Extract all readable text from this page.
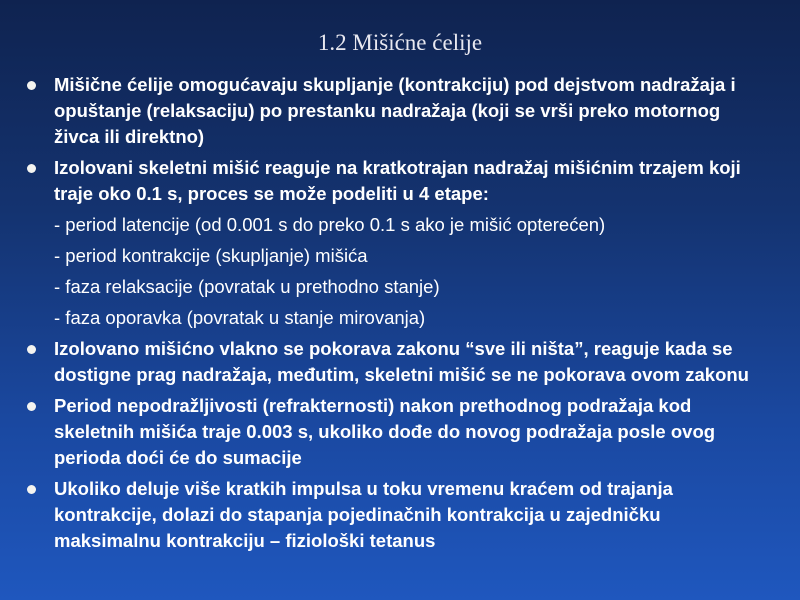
1.2 Mišićne ćelije
Mišične ćelije omogućavaju skupljanje (kontrakciju) pod dejstvom nadražaja i opuštanje (relaksaciju) po prestanku nadražaja (koji se vrši preko motornog živca ili direktno)
Izolovani skeletni mišić reaguje na kratkotrajan nadražaj mišićnim trzajem koji traje oko 0.1 s, proces se može podeliti u 4 etape:
- period latencije (od 0.001 s do preko 0.1 s ako je mišić opterećen)
- period kontrakcije (skupljanje) mišića
- faza relaksacije (povratak u prethodno stanje)
- faza oporavka (povratak u stanje mirovanja)
Izolovano mišićno vlakno se pokorava zakonu “sve ili ništa”, reaguje kada se dostigne prag nadražaja, međutim, skeletni mišić se ne pokorava ovom zakonu
Period nepodražljivosti (refrakternosti) nakon prethodnog podražaja kod skeletnih mišića traje 0.003 s, ukoliko dođe do novog podražaja posle ovog perioda doći će do sumacije
Ukoliko deluje više kratkih impulsa u toku vremenu kraćem od trajanja kontrakcije, dolazi do stapanja pojedinačnih kontrakcija u zajedničku maksimalnu kontrakciju – fiziološki tetanus
